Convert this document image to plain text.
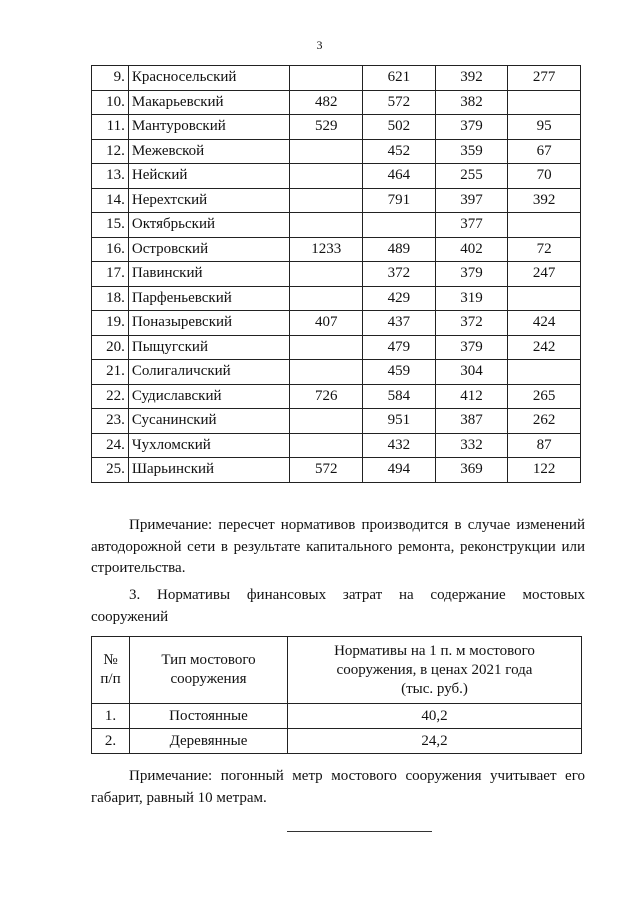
3
9.	Красносельский		621	392	277
10.	Макарьевский	482	572	382	
11.	Мантуровский	529	502	379	95
12.	Межевской		452	359	67
13.	Нейский		464	255	70
14.	Нерехтский		791	397	392
15.	Октябрьский			377	
16.	Островский	1233	489	402	72
17.	Павинский		372	379	247
18.	Парфеньевский		429	319	
19.	Поназыревский	407	437	372	424
20.	Пыщугский		479	379	242
21.	Солигаличский		459	304	
22.	Судиславский	726	584	412	265
23.	Сусанинский		951	387	262
24.	Чухломский		432	332	87
25.	Шарьинский	572	494	369	122
Примечание: пересчет нормативов производится в случае изменений автодорожной сети в результате капитального ремонта, реконструкции или строительства.
3. Нормативы финансовых затрат на содержание мостовых сооружений
№ п/п	Тип мостового сооружения	Нормативы на 1 п. м мостового сооружения, в ценах 2021 года (тыс. руб.)

1.	Постоянные	40,2
2.	Деревянные	24,2
Примечание: погонный метр мостового сооружения учитывает его габарит, равный 10 метрам.
